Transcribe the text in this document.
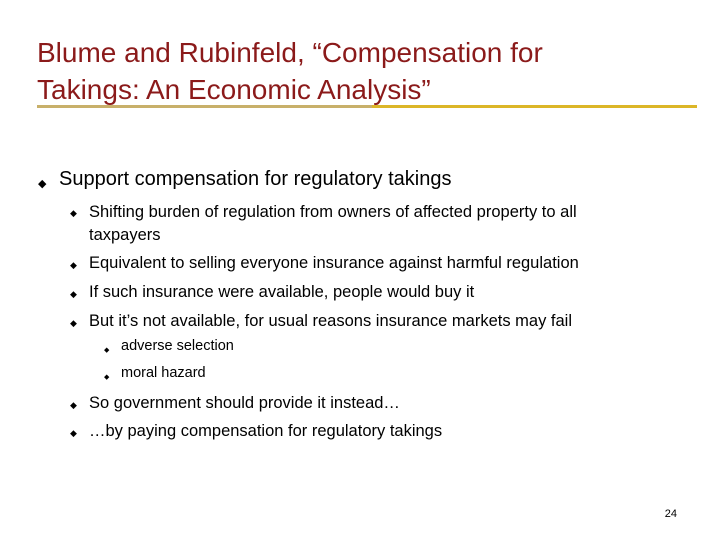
Blume and Rubinfeld, “Compensation for
Takings: An Economic Analysis”
◆ Support compensation for regulatory takings
◆ Shifting burden of regulation from owners of affected property to all
taxpayers
◆ Equivalent to selling everyone insurance against harmful regulation
◆ If such insurance were available, people would buy it
◆ But it’s not available, for usual reasons insurance markets may fail
◆ adverse selection
◆ moral hazard
◆ So government should provide it instead…
◆ …by paying compensation for regulatory takings
24
